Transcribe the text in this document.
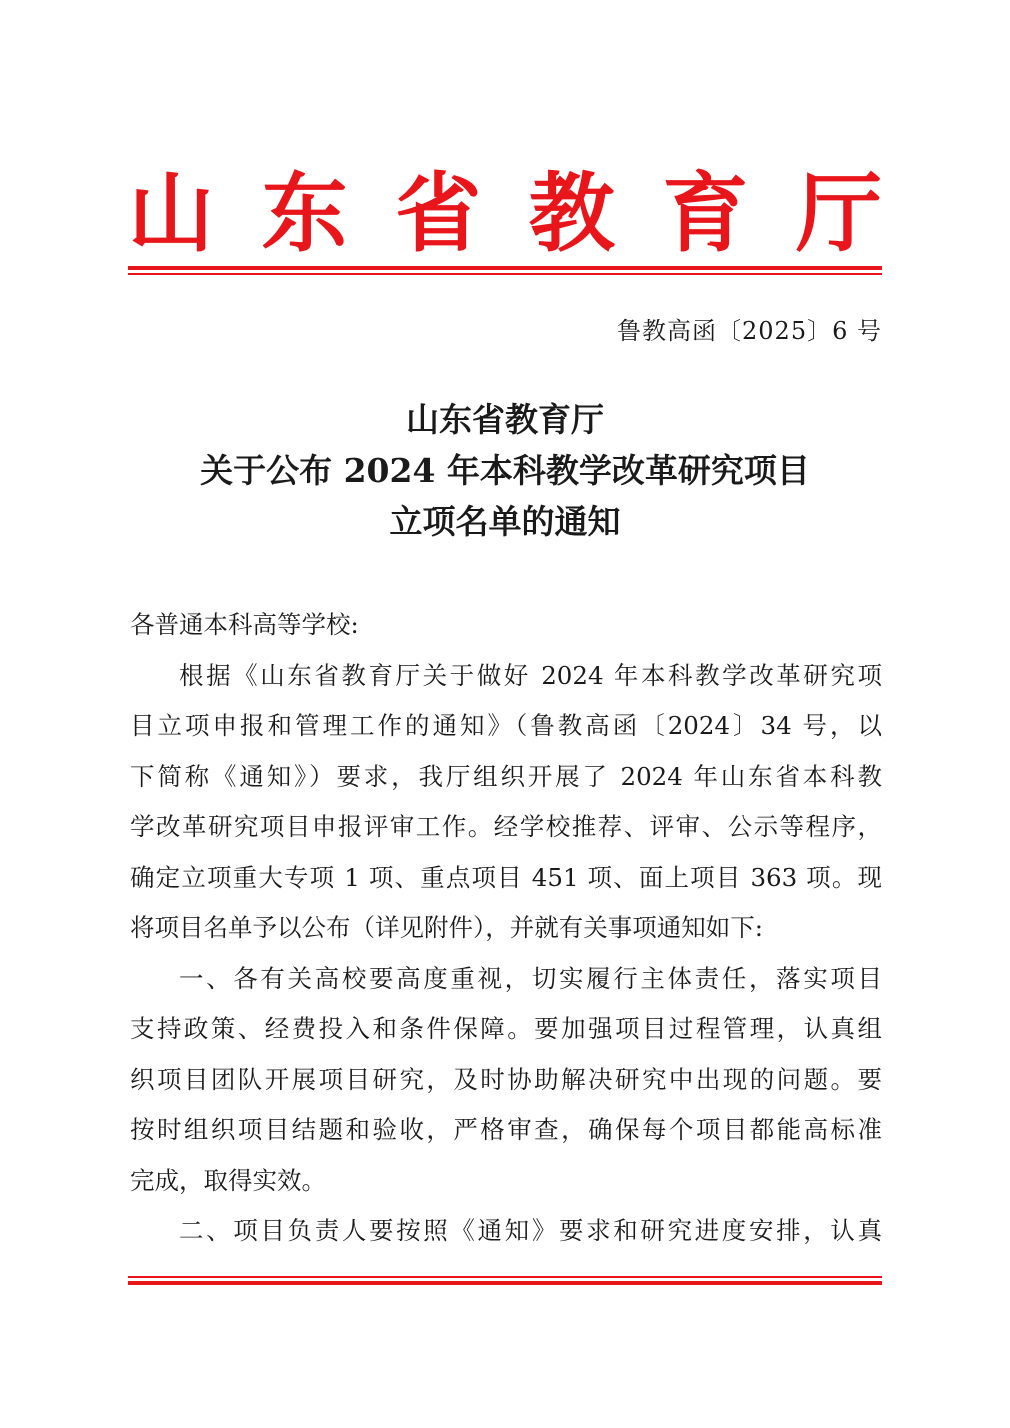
山 东 省 教 育 厅
鲁教高函〔2025〕6 号
山东省教育厅
关于公布 2024 年本科教学改革研究项目
立项名单的通知

各普通本科高等学校:

根据《山东省教育厅关于做好 2024 年本科教学改革研究项
目立项申报和管理工作的通知》（鲁教高函〔2024〕34 号，以
下简称《通知》）要求，我厅组织开展了 2024 年山东省本科教
学改革研究项目申报评审工作。经学校推荐、评审、公示等程序，
确定立项重大专项 1 项、重点项目 451 项、面上项目 363 项。现
将项目名单予以公布（详见附件），并就有关事项通知如下:

一、各有关高校要高度重视，切实履行主体责任，落实项目
支持政策、经费投入和条件保障。要加强项目过程管理，认真组
织项目团队开展项目研究，及时协助解决研究中出现的问题。要
按时组织项目结题和验收，严格审查，确保每个项目都能高标准
完成，取得实效。

二、项目负责人要按照《通知》要求和研究进度安排，认真
